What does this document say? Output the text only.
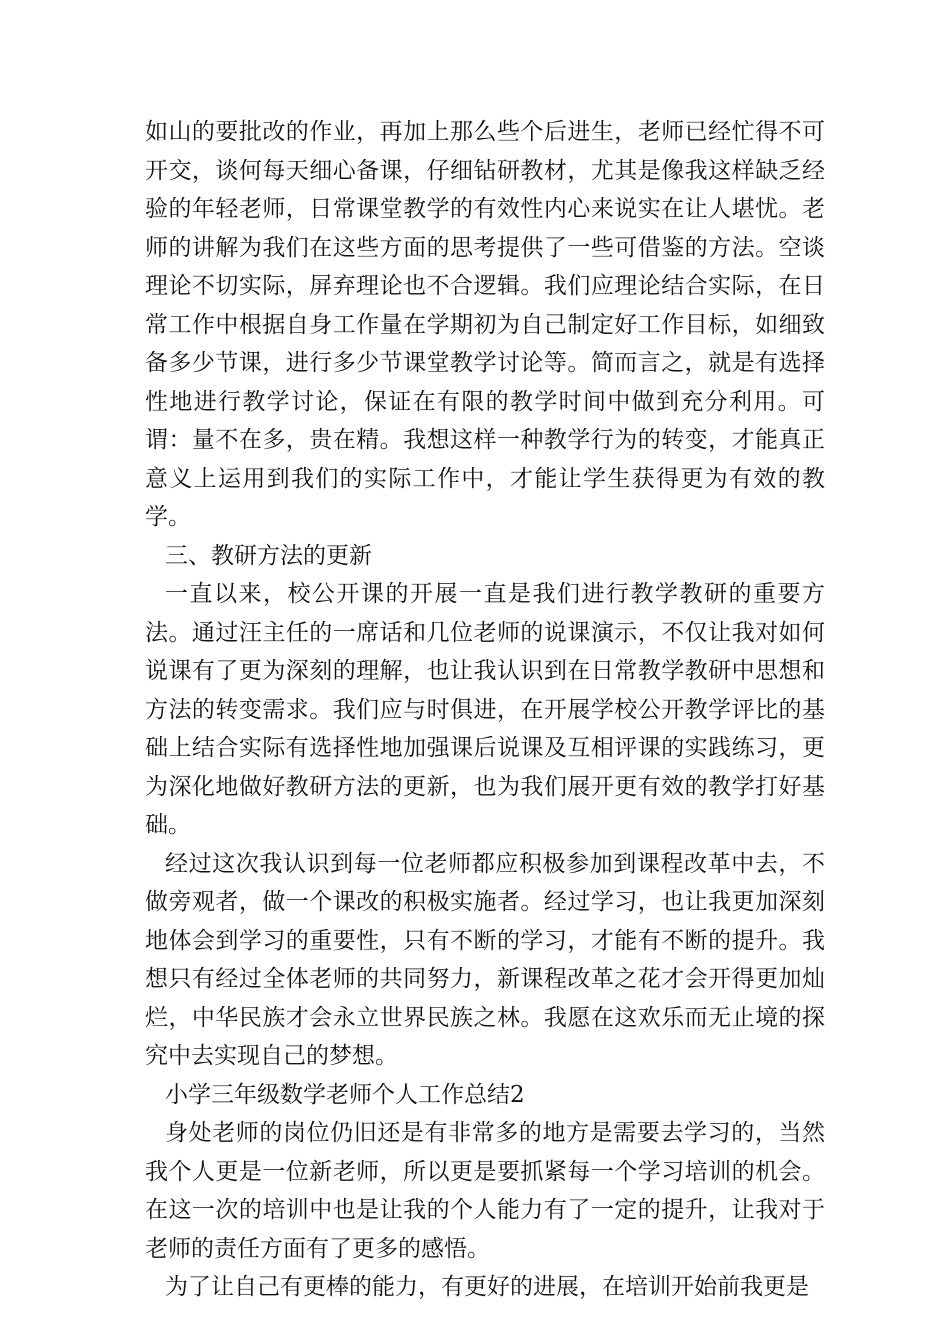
如山的要批改的作业，再加上那么些个后进生，老师已经忙得不可开交，谈何每天细心备课，仔细钻研教材，尤其是像我这样缺乏经验的年轻老师，日常课堂教学的有效性内心来说实在让人堪忧。老师的讲解为我们在这些方面的思考提供了一些可借鉴的方法。空谈理论不切实际，屏弃理论也不合逻辑。我们应理论结合实际，在日常工作中根据自身工作量在学期初为自己制定好工作目标，如细致备多少节课，进行多少节课堂教学讨论等。简而言之，就是有选择性地进行教学讨论，保证在有限的教学时间中做到充分利用。可谓：量不在多，贵在精。我想这样一种教学行为的转变，才能真正意义上运用到我们的实际工作中，才能让学生获得更为有效的教学。

三、教研方法的更新

一直以来，校公开课的开展一直是我们进行教学教研的重要方法。通过汪主任的一席话和几位老师的说课演示，不仅让我对如何说课有了更为深刻的理解，也让我认识到在日常教学教研中思想和方法的转变需求。我们应与时俱进，在开展学校公开教学评比的基础上结合实际有选择性地加强课后说课及互相评课的实践练习，更为深化地做好教研方法的更新，也为我们展开更有效的教学打好基础。

经过这次我认识到每一位老师都应积极参加到课程改革中去，不做旁观者，做一个课改的积极实施者。经过学习，也让我更加深刻地体会到学习的重要性，只有不断的学习，才能有不断的提升。我想只有经过全体老师的共同努力，新课程改革之花才会开得更加灿烂，中华民族才会永立世界民族之林。我愿在这欢乐而无止境的探究中去实现自己的梦想。

小学三年级数学老师个人工作总结2

身处老师的岗位仍旧还是有非常多的地方是需要去学习的，当然我个人更是一位新老师，所以更是要抓紧每一个学习培训的机会。在这一次的培训中也是让我的个人能力有了一定的提升，让我对于老师的责任方面有了更多的感悟。

为了让自己有更棒的能力，有更好的进展，在培训开始前我更是
